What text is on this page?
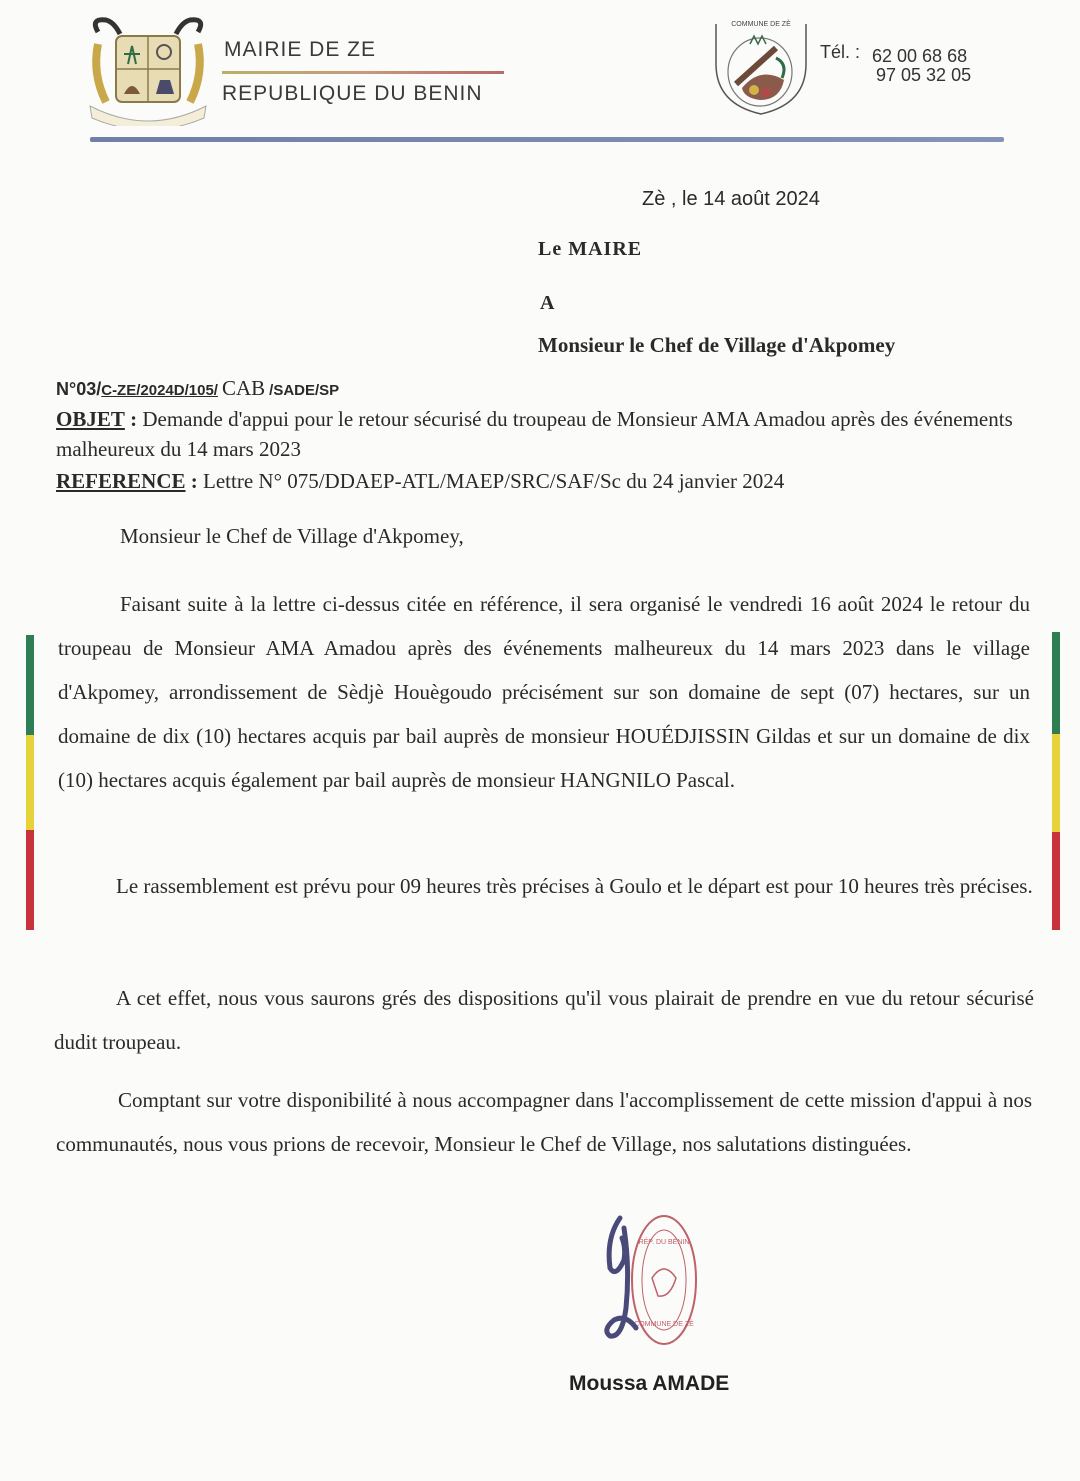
MAIRIE DE ZE
REPUBLIQUE DU BENIN
COMMUNE DE ZÈ
Tél. : 62 00 68 68
97 05 32 05
Zè , le 14 août 2024
Le MAIRE
A
Monsieur le Chef de Village d'Akpomey
N°03/C-ZE/2024D/105/ CAB /SADE/SP
OBJET : Demande d'appui pour le retour sécurisé du troupeau de Monsieur AMA Amadou après des événements malheureux du 14 mars 2023
REFERENCE : Lettre N° 075/DDAEP-ATL/MAEP/SRC/SAF/Sc du 24 janvier 2024
Monsieur le Chef de Village d'Akpomey,

Faisant suite à la lettre ci-dessus citée en référence, il sera organisé le vendredi 16 août 2024 le retour du troupeau de Monsieur AMA Amadou après des événements malheureux du 14 mars 2023 dans le village d'Akpomey, arrondissement de Sèdjè Houègoudo précisément sur son domaine de sept (07) hectares, sur un domaine de dix (10) hectares acquis par bail auprès de monsieur HOUÉDJISSIN Gildas et sur un domaine de dix (10) hectares acquis également par bail auprès de monsieur HANGNILO Pascal.

Le rassemblement est prévu pour 09 heures très précises à Goulo et le départ est pour 10 heures très précises.

A cet effet, nous vous saurons grés des dispositions qu'il vous plairait de prendre en vue du retour sécurisé dudit troupeau.

Comptant sur votre disponibilité à nous accompagner dans l'accomplissement de cette mission d'appui à nos communautés, nous vous prions de recevoir, Monsieur le Chef de Village, nos salutations distinguées.

RÉP. DU BÉNIN
COMMUNE DE ZÈ
Moussa AMADE
